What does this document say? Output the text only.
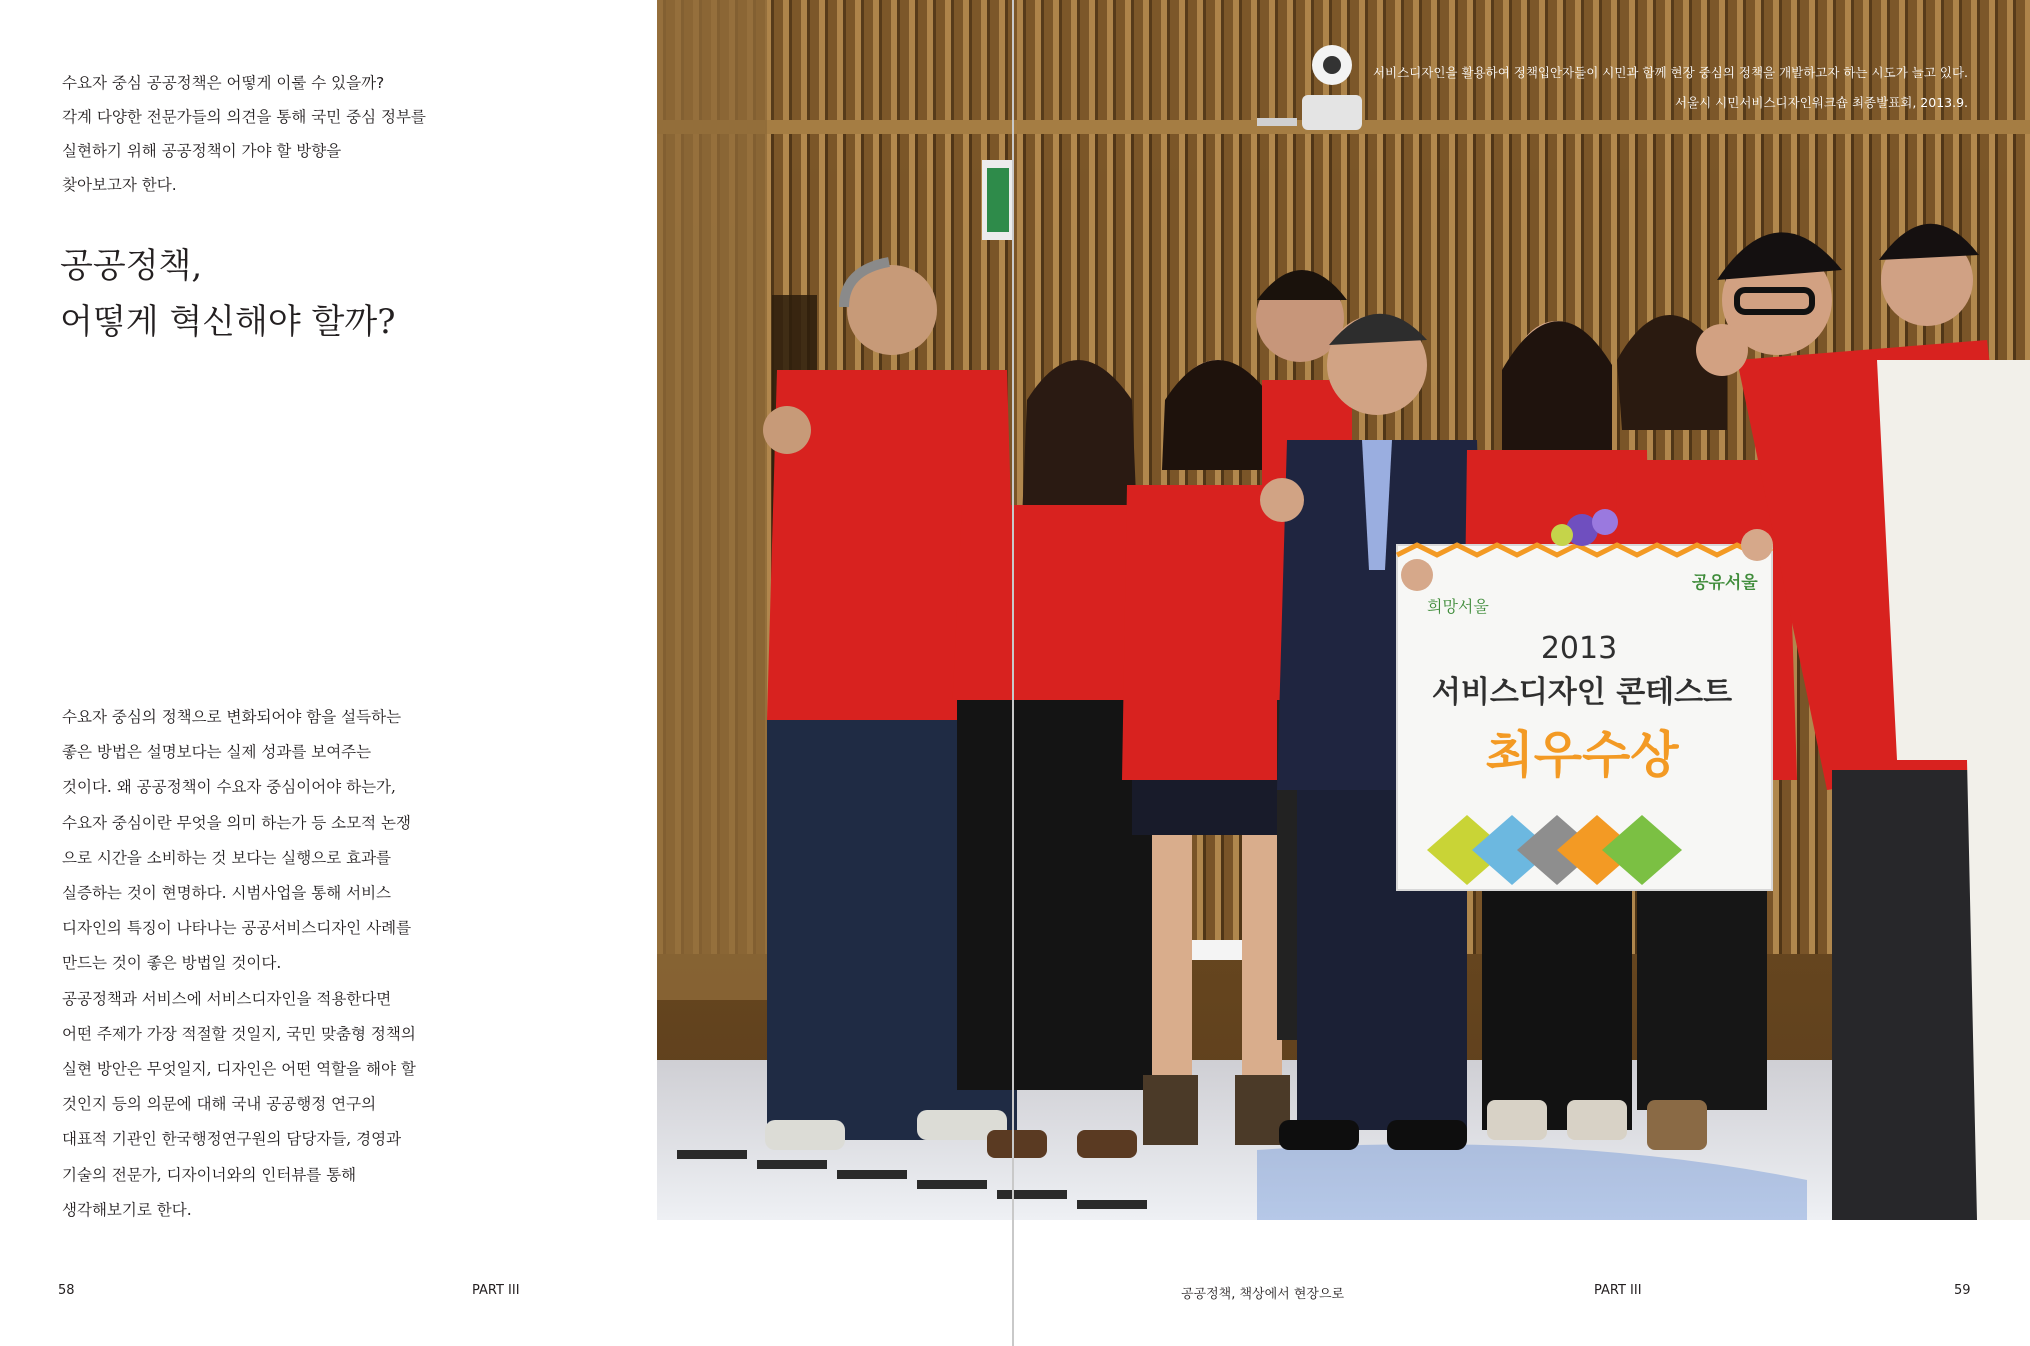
수요자 중심 공공정책은 어떻게 이룰 수 있을까?
각계 다양한 전문가들의 의견을 통해 국민 중심 정부를
실현하기 위해 공공정책이 가야 할 방향을
찾아보고자 한다.

공공정책,
어떻게 혁신해야 할까?

수요자 중심의 정책으로 변화되어야 함을 설득하는
좋은 방법은 설명보다는 실제 성과를 보여주는
것이다. 왜 공공정책이 수요자 중심이어야 하는가,
수요자 중심이란 무엇을 의미 하는가 등 소모적 논쟁
으로 시간을 소비하는 것 보다는 실행으로 효과를
실증하는 것이 현명하다. 시범사업을 통해 서비스
디자인의 특징이 나타나는 공공서비스디자인 사례를
만드는 것이 좋은 방법일 것이다.
공공정책과 서비스에 서비스디자인을 적용한다면
어떤 주제가 가장 적절할 것일지, 국민 맞춤형 정책의
실현 방안은 무엇일지, 디자인은 어떤 역할을 해야 할
것인지 등의 의문에 대해 국내 공공행정 연구의
대표적 기관인 한국행정연구원의 담당자들, 경영과
기술의 전문가, 디자이너와의 인터뷰를 통해
생각해보기로 한다.

58	PART III	공공정책, 책상에서 현장으로	PART III	59
희망서울
공유서울
2013
서비스디자인 콘테스트
최우수상
서비스디자인을 활용하여 정책입안자들이 시민과 함께 현장 중심의 정책을 개발하고자 하는 시도가 늘고 있다.
서울시 시민서비스디자인워크숍 최종발표회, 2013.9.
